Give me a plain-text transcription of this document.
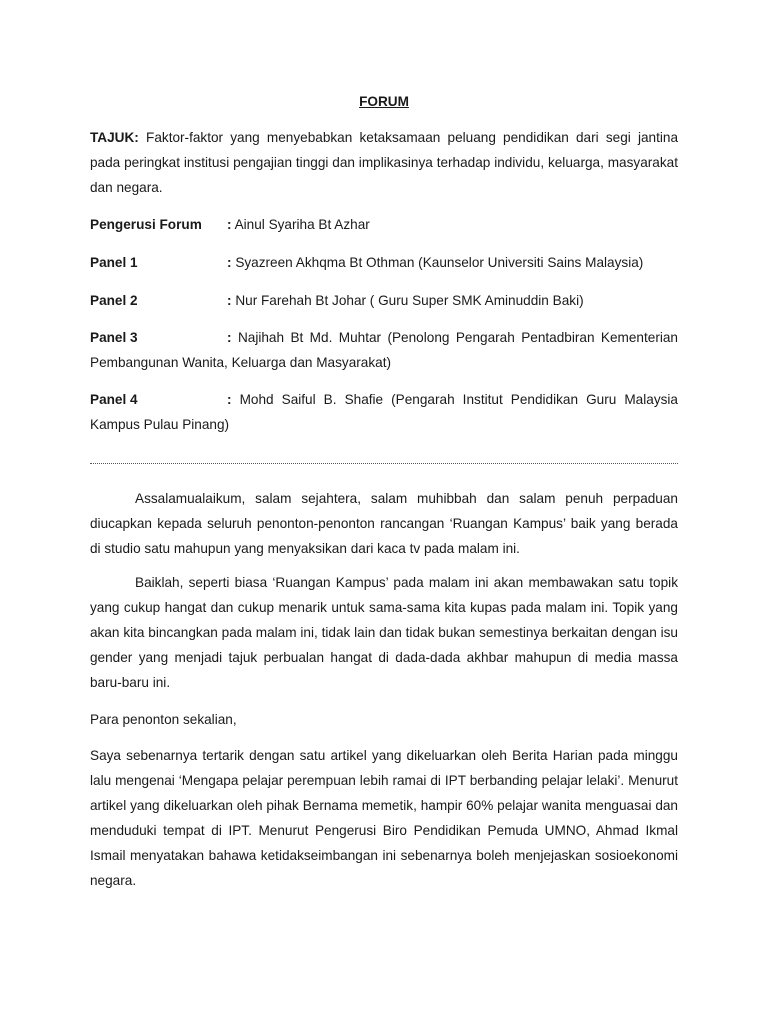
FORUM

TAJUK: Faktor-faktor yang menyebabkan ketaksamaan peluang pendidikan dari segi jantina pada peringkat institusi pengajian tinggi dan implikasinya terhadap individu, keluarga, masyarakat dan negara.

Pengerusi Forum : Ainul Syariha Bt Azhar
Panel 1	: Syazreen Akhqma Bt Othman (Kaunselor Universiti Sains Malaysia)
Panel 2	: Nur Farehah Bt Johar ( Guru Super SMK Aminuddin Baki)
Panel 3	: Najihah Bt Md. Muhtar (Penolong Pengarah Pentadbiran Kementerian Pembangunan Wanita, Keluarga dan Masyarakat)
Panel 4	: Mohd Saiful B. Shafie (Pengarah Institut Pendidikan Guru Malaysia Kampus Pulau Pinang)

Assalamualaikum, salam sejahtera, salam muhibbah dan salam penuh perpaduan diucapkan kepada seluruh penonton-penonton rancangan ‘Ruangan Kampus’ baik yang berada di studio satu mahupun yang menyaksikan dari kaca tv pada malam ini.

Baiklah, seperti biasa ‘Ruangan Kampus’ pada malam ini akan membawakan satu topik yang cukup hangat dan cukup menarik untuk sama-sama kita kupas pada malam ini. Topik yang akan kita bincangkan pada malam ini, tidak lain dan tidak bukan semestinya berkaitan dengan isu gender yang menjadi tajuk perbualan hangat di dada-dada akhbar mahupun di media massa baru-baru ini.

Para penonton sekalian,

Saya sebenarnya tertarik dengan satu artikel yang dikeluarkan oleh Berita Harian pada minggu lalu mengenai ‘Mengapa pelajar perempuan lebih ramai di IPT berbanding pelajar lelaki’. Menurut artikel yang dikeluarkan oleh pihak Bernama memetik, hampir 60% pelajar wanita menguasai dan menduduki tempat di IPT. Menurut Pengerusi Biro Pendidikan Pemuda UMNO, Ahmad Ikmal Ismail menyatakan bahawa ketidakseimbangan ini sebenarnya boleh menjejaskan sosioekonomi negara.
